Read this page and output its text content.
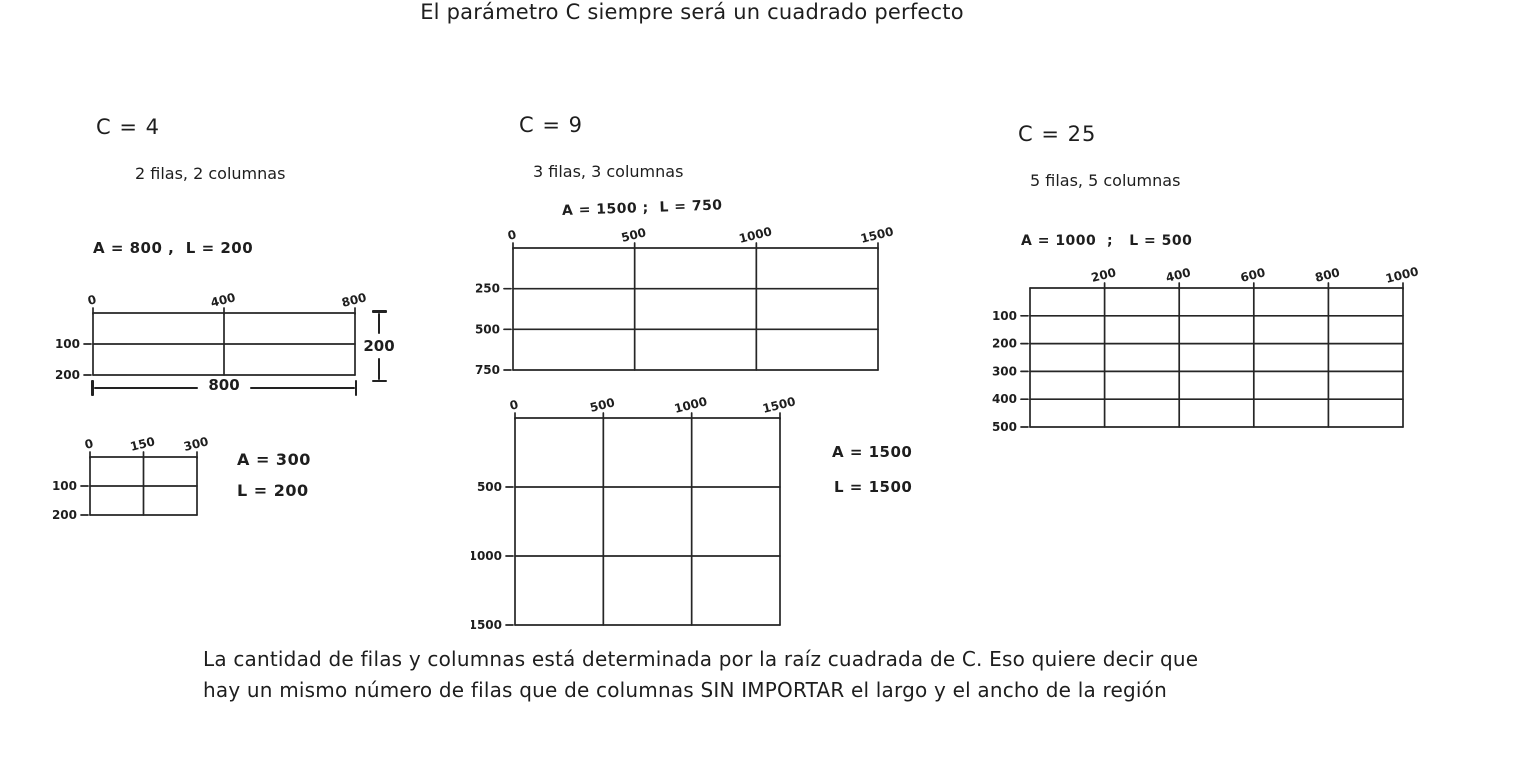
El parámetro C siempre será un cuadrado perfecto
C = 4
2 filas, 2 columnas
A = 800 ,  L = 200
0	400	800
100
200
800
200
0	150 300
100
200
A = 300
L = 200
C = 9
3 filas, 3 columnas
A = 1500 ;  L = 750
0	500	1000	1500
250
500
750
0	500	1000	1500
500
1000
1500
A = 1500
L = 1500
C = 25
5 filas, 5 columnas
A = 1000  ;   L = 500
200	400	600	800	1000
100
200
300
400
500
La cantidad de filas y columnas está determinada por la raíz cuadrada de C. Eso quiere decir que
hay un mismo número de filas que de columnas SIN IMPORTAR el largo y el ancho de la región
